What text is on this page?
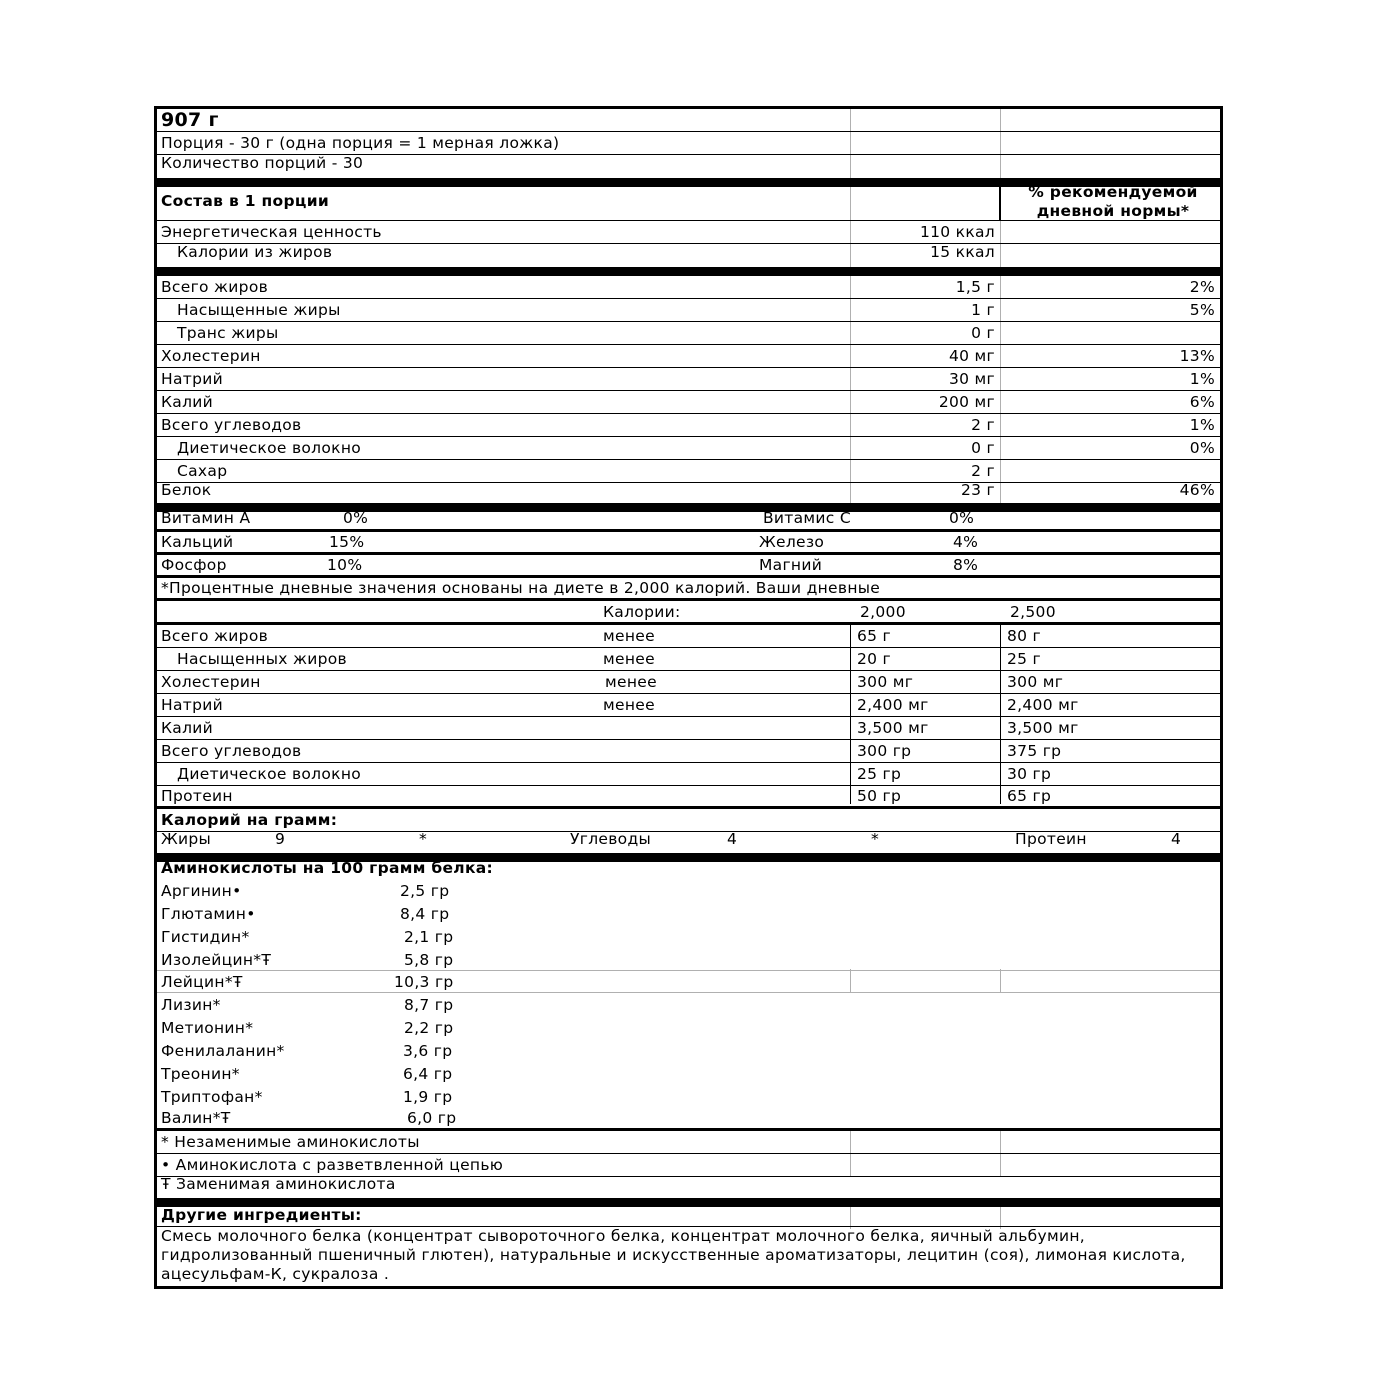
907 г
Порция - 30 г (одна порция = 1 мерная ложка)
Количество порций - 30
Состав в 1 порции	% рекомендуемой
дневной нормы*
Энергетическая ценность	110 ккал
Калории из жиров	15 ккал
Всего жиров	1,5 г	2%
Насыщенные жиры	1 г	5%
Транс жиры	0 г
Холестерин	40 мг	13%
Натрий	30 мг	1%
Калий	200 мг	6%
Всего углеводов	2 г	1%
Диетическое волокно	0 г	0%
Сахар	2 г
Белок	23 г	46%
Витамин А	0%	Витамис С	0%
Кальций	15%	Железо	4%
Фосфор	10%	Магний	8%
*Процентные дневные значения основаны на диете в 2,000 калорий. Ваши дневные
Калории:	2,000	2,500
Всего жиров	менее	65 г	80 г
Насыщенных жиров	менее	20 г	25 г
Холестерин	менее	300 мг	300 мг
Натрий	менее	2,400 мг	2,400 мг
Калий	3,500 мг	3,500 мг
Всего углеводов	300 гр	375 гр
Диетическое волокно	25 гр	30 гр
Протеин	50 гр	65 гр
Калорий на грамм:
Жиры	9	*	Углеводы	4	*	Протеин	4
Аминокислоты на 100 грамм белка:
Аргинин•	2,5 гр
Глютамин•	8,4 гр
Гистидин*	2,1 гр
Изолейцин*Ŧ	5,8 гр
Лейцин*Ŧ	10,3 гр
Лизин*	8,7 гр
Метионин*	2,2 гр
Фенилаланин*	3,6 гр
Треонин*	6,4 гр
Триптофан*	1,9 гр
Валин*Ŧ	6,0 гр
* Незаменимые аминокислоты
• Аминокислота с разветвленной цепью
Ŧ Заменимая аминокислота
Другие ингредиенты:
Смесь молочного белка (концентрат сывороточного белка, концентрат молочного белка, яичный альбумин, гидролизованный пшеничный глютен), натуральные и искусственные ароматизаторы, лецитин (соя), лимоная кислота, ацесульфам-К, сукралоза .
